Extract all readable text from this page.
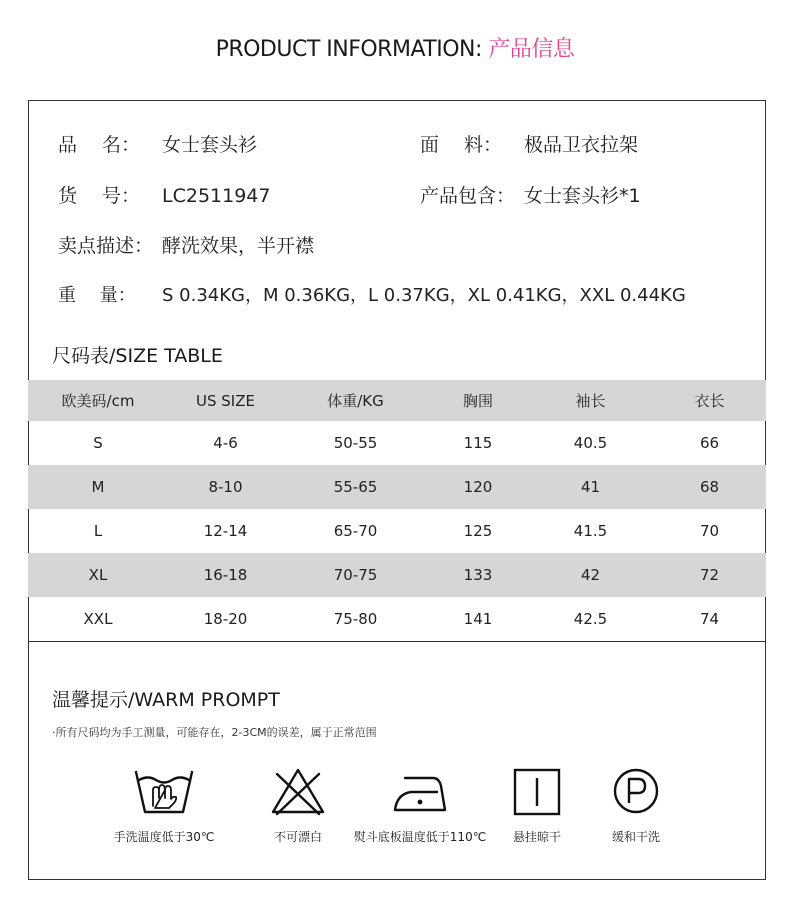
PRODUCT INFORMATION: 产品信息
品　 名： 女士套头衫	面　 料： 极品卫衣拉架
货　 号： LC2511947	产品包含： 女士套头衫*1
卖点描述： 酵洗效果，半开襟
重　 量： S 0.34KG，M 0.36KG，L 0.37KG，XL 0.41KG，XXL 0.44KG
尺码表/SIZE TABLE
欧美码/cm	US SIZE	体重/KG	胸围	袖长	衣长
S	4-6	50-55	115	40.5	66
M	8-10	55-65	120	41	68
L	12-14	65-70	125	41.5	70
XL	16-18	70-75	133	42	72
XXL	18-20	75-80	141	42.5	74
温馨提示/WARM PROMPT
·所有尺码均为手工测量，可能存在，2-3CM的误差，属于正常范围
手洗温度低于30℃	不可漂白	熨斗底板温度低于110℃	悬挂晾干	缓和干洗
